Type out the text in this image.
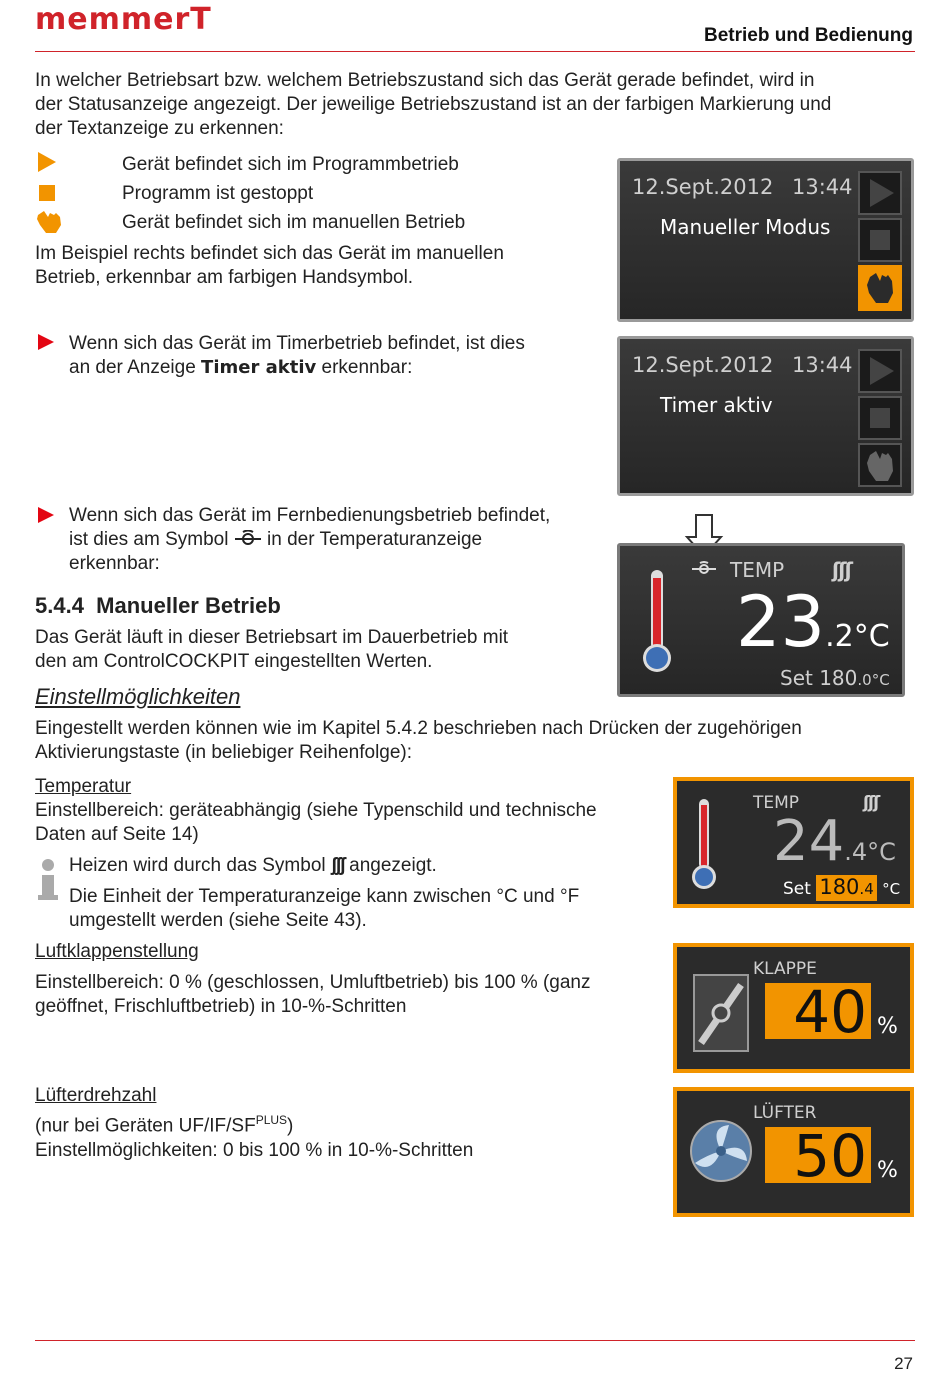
memmerT	Betrieb und Bedienung
In welcher Betriebsart bzw. welchem Betriebszustand sich das Gerät gerade befindet, wird in
der Statusanzeige angezeigt. Der jeweilige Betriebszustand ist an der farbigen Markierung und
der Textanzeige zu erkennen:
Gerät befindet sich im Programmbetrieb
Programm ist gestoppt
Gerät befindet sich im manuellen Betrieb
Im Beispiel rechts befindet sich das Gerät im manuellen
Betrieb, erkennbar am farbigen Handsymbol.
12.Sept.2012 13:44
Manueller Modus
Wenn sich das Gerät im Timerbetrieb befindet, ist dies
an der Anzeige Timer aktiv erkennbar:	12.Sept.2012 13:44
Timer aktiv
Wenn sich das Gerät im Fernbedienungsbetrieb befindet,
ist dies am Symbol  in der Temperaturanzeige
erkennbar:	TEMP ʃʃʃ
23.2°C
Set 180.0°C
5.4.4 Manueller Betrieb
Das Gerät läuft in dieser Betriebsart im Dauerbetrieb mit
den am ControlCOCKPIT eingestellten Werten.
Einstellmöglichkeiten
Eingestellt werden können wie im Kapitel 5.4.2 beschrieben nach Drücken der zugehörigen
Aktivierungstaste (in beliebiger Reihenfolge):
Temperatur
Einstellbereich: geräteabhängig (siehe Typenschild und technische
Daten auf Seite 14)
Heizen wird durch das Symbol ʃʃʃ angezeigt.
Die Einheit der Temperaturanzeige kann zwischen °C und °F
umgestellt werden (siehe Seite 43).
TEMP	ʃʃʃ
24.4°C
Set 180.4 °C
Luftklappenstellung
Einstellbereich: 0 % (geschlossen, Umluftbetrieb) bis 100 % (ganz
geöffnet, Frischluftbetrieb) in 10-%-Schritten
KLAPPE
40 %
Lüfterdrehzahl
(nur bei Geräten $UF/IF/SF^{PLUS}$)
Einstellmöglichkeiten: 0 bis 100 % in 10-%-Schritten
LÜFTER
50 %
27
